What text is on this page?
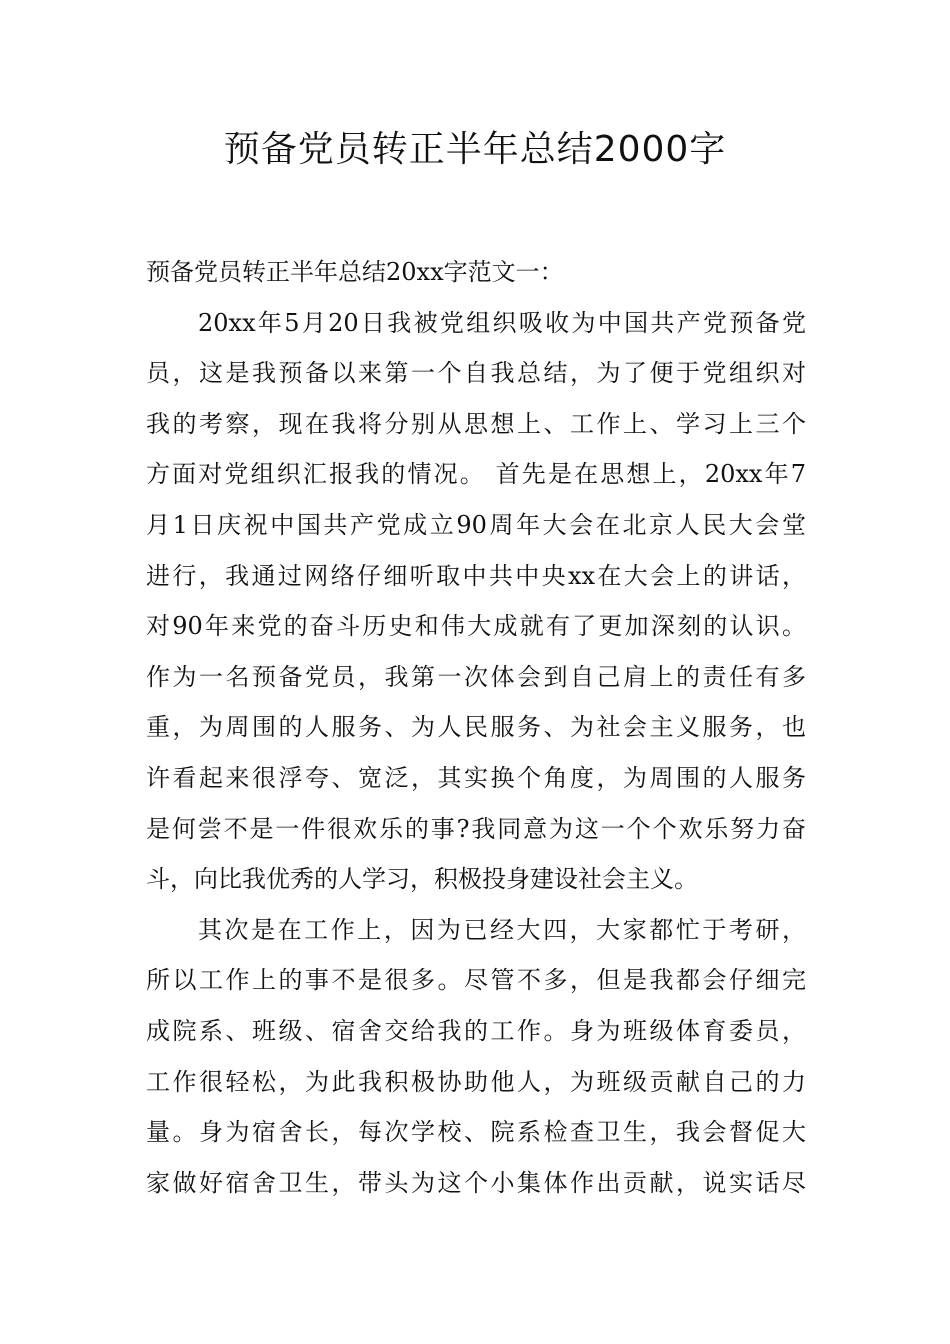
预备党员转正半年总结2000字
预备党员转正半年总结20xx字范文一：
20xx年5月20日我被党组织吸收为中国共产党预备党
员，这是我预备以来第一个自我总结，为了便于党组织对
我的考察，现在我将分别从思想上、工作上、学习上三个
方面对党组织汇报我的情况。 首先是在思想上，20xx年7
月1日庆祝中国共产党成立90周年大会在北京人民大会堂
进行，我通过网络仔细听取中共中央xx在大会上的讲话，
对90年来党的奋斗历史和伟大成就有了更加深刻的认识。
作为一名预备党员，我第一次体会到自己肩上的责任有多
重，为周围的人服务、为人民服务、为社会主义服务，也
许看起来很浮夸、宽泛，其实换个角度，为周围的人服务
是何尝不是一件很欢乐的事?我同意为这一个个欢乐努力奋
斗，向比我优秀的人学习，积极投身建设社会主义。
其次是在工作上，因为已经大四，大家都忙于考研，
所以工作上的事不是很多。尽管不多，但是我都会仔细完
成院系、班级、宿舍交给我的工作。身为班级体育委员，
工作很轻松，为此我积极协助他人，为班级贡献自己的力
量。身为宿舍长，每次学校、院系检查卫生，我会督促大
家做好宿舍卫生，带头为这个小集体作出贡献，说实话尽
